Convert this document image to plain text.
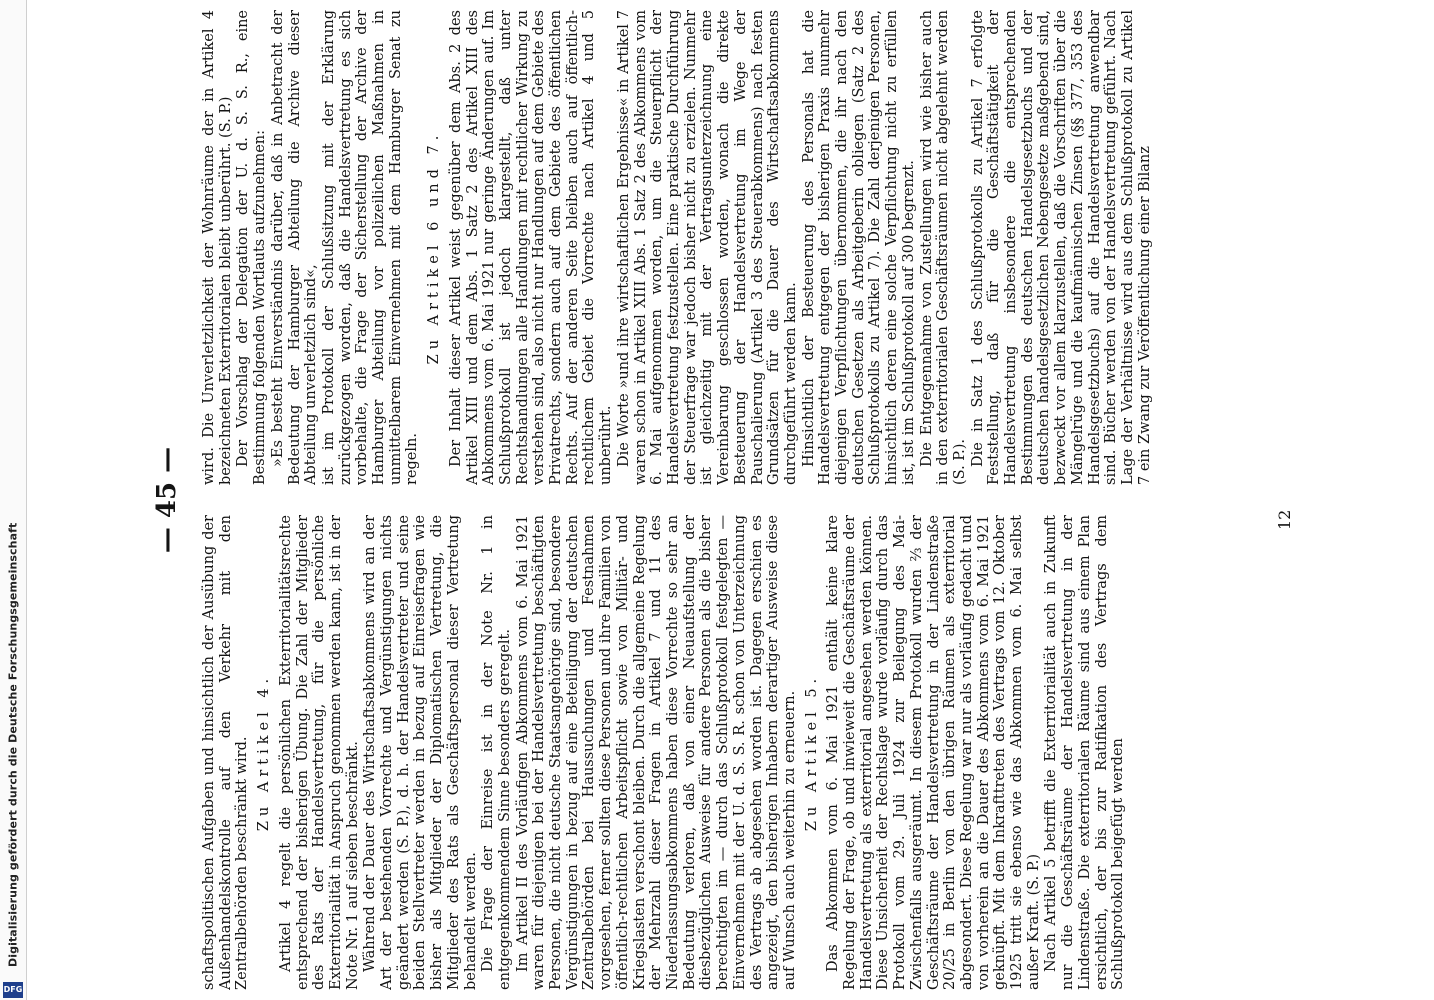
Digitalisierung gefördert durch die Deutsche Forschungsgemeinschaft
DFG
— 45 —

schaftspolitischen Aufgaben und hinsichtlich der Ausübung der Außenhandelskontrolle auf den Verkehr mit den Zentralbehörden beschränkt wird. Zu Artikel 4. Artikel 4 regelt die persönlichen Exterritorialitätsrechte entsprechend der bisherigen Übung. Die Zahl der Mitglieder des Rats der Handelsvertretung, für die persönliche Exterritorialität in Anspruch genommen werden kann, ist in der Note Nr. 1 auf sieben beschränkt. Während der Dauer des Wirtschaftsabkommens wird an der Art der bestehenden Vorrechte und Vergünstigungen nichts geändert werden (S. P.), d. h. der Handelsvertreter und seine beiden Stellvertreter werden in bezug auf Einreisefragen wie bisher als Mitglieder der Diplomatischen Vertretung, die Mitglieder des Rats als Geschäftspersonal dieser Vertretung behandelt werden. Die Frage der Einreise ist in der Note Nr. 1 in entgegenkommendem Sinne besonders geregelt. Im Artikel II des Vorläufigen Abkommens vom 6. Mai 1921 waren für diejenigen bei der Handelsvertretung beschäftigten Personen, die nicht deutsche Staatsangehörige sind, besondere Vergünstigungen in bezug auf eine Beteiligung der deutschen Zentralbehörden bei Haussuchungen und Festnahmen vorgesehen, ferner sollten diese Personen und ihre Familien von öffentlich-rechtlichen Arbeitspflicht sowie von Militär- und Kriegslasten verschont bleiben. Durch die allgemeine Regelung der Mehrzahl dieser Fragen in Artikel 7 und 11 des Niederlassungsabkommens haben diese Vorrechte so sehr an Bedeutung verloren, daß von einer Neuaufstellung der diesbezüglichen Ausweise für andere Personen als die bisher berechtigten im — durch das Schlußprotokoll festgelegten — Einvernehmen mit der U. d. S. S. R. schon von Unterzeichnung des Vertrags ab abgesehen worden ist. Dagegen erschien es angezeigt, den bisherigen Inhabern derartiger Ausweise diese auf Wunsch auch weiterhin zu erneuern. Zu Artikel 5. Das Abkommen vom 6. Mai 1921 enthält keine klare Regelung der Frage, ob und inwieweit die Geschäftsräume der Handelsvertretung als exterritorial angesehen werden können. Diese Unsicherheit der Rechtslage wurde vorläufig durch das Protokoll vom 29. Juli 1924 zur Beilegung des Mai-Zwischenfalls ausgeräumt. In diesem Protokoll wurden ⅔ der Geschäftsräume der Handelsvertretung in der Lindenstraße 20/25 in Berlin von den übrigen Räumen als exterritorial abgesondert. Diese Regelung war nur als vorläufig gedacht und von vorherein an die Dauer des Abkommens vom 6. Mai 1921 geknüpft. Mit dem Inkrafttreten des Vertrags vom 12. Oktober 1925 tritt sie ebenso wie das Abkommen vom 6. Mai selbst außer Kraft. (S. P.) Nach Artikel 5 betrifft die Exterritorialität auch in Zukunft nur die Geschäftsräume der Handelsvertretung in der Lindenstraße. Die exterritorialen Räume sind aus einem Plan ersichtlich, der bis zur Ratifikation des Vertrags dem Schlußprotokoll beigefügt werden

wird. Die Unverletzlichkeit der Wohnräume der in Artikel 4 bezeichneten Exterritorialen bleibt unberührt. (S. P.) Der Vorschlag der Delegation der U. d. S. S. R., eine Bestimmung folgenden Wortlauts aufzunehmen: »Es besteht Einverständnis darüber, daß in Anbetracht der Bedeutung der Hamburger Abteilung die Archive dieser Abteilung unverletzlich sind«, ist im Protokoll der Schlußsitzung mit der Erklärung zurückgezogen worden, daß die Handelsvertretung es sich vorbehalte, die Frage der Sicherstellung der Archive der Hamburger Abteilung vor polizeilichen Maßnahmen in unmittelbarem Einvernehmen mit dem Hamburger Senat zu regeln.

Zu Artikel 6 und 7. Der Inhalt dieser Artikel weist gegenüber dem Abs. 2 des Artikel XIII und dem Abs. 1 Satz 2 des Artikel XIII des Abkommens vom 6. Mai 1921 nur geringe Änderungen auf. Im Schlußprotokoll ist jedoch klargestellt, daß unter Rechtshandlungen alle Handlungen mit rechtlicher Wirkung zu verstehen sind, also nicht nur Handlungen auf dem Gebiete des Privatrechts, sondern auch auf dem Gebiete des öffentlichen Rechts. Auf der anderen Seite bleiben auch auf öffentlich-rechtlichem Gebiet die Vorrechte nach Artikel 4 und 5 unberührt. Die Worte »und ihre wirtschaftlichen Ergebnisse« in Artikel 7 waren schon in Artikel XIII Abs. 1 Satz 2 des Abkommens vom 6. Mai aufgenommen worden, um die Steuerpflicht der Handelsvertretung festzustellen. Eine praktische Durchführung der Steuerfrage war jedoch bisher nicht zu erzielen. Nunmehr ist gleichzeitig mit der Vertragsunterzeichnung eine Vereinbarung geschlossen worden, wonach die direkte Besteuerung der Handelsvertretung im Wege der Pauschalierung (Artikel 3 des Steuerabkommens) nach festen Grundsätzen für die Dauer des Wirtschaftsabkommens durchgeführt werden kann. Hinsichtlich der Besteuerung des Personals hat die Handelsvertretung entgegen der bisherigen Praxis nunmehr diejenigen Verpflichtungen übernommen, die ihr nach den deutschen Gesetzen als Arbeitgeberin obliegen (Satz 2 des Schlußprotokolls zu Artikel 7). Die Zahl derjenigen Personen, hinsichtlich deren eine solche Verpflichtung nicht zu erfüllen ist, ist im Schlußprotokoll auf 300 begrenzt. Die Entgegennahme von Zustellungen wird wie bisher auch in den exterritorialen Geschäftsräumen nicht abgelehnt werden (S. P.). Die in Satz 1 des Schlußprotokolls zu Artikel 7 erfolgte Feststellung, daß für die Geschäftstätigkeit der Handelsvertretung insbesondere die entsprechenden Bestimmungen des deutschen Handelsgesetzbuchs und der deutschen handelsgesetzlichen Nebengesetze maßgebend sind, bezweckt vor allem klarzustellen, daß die Vorschriften über die Mängelrüge und die kaufmännischen Zinsen (§§ 377, 353 des Handelsgesetzbuchs) auf die Handelsvertretung anwendbar sind. Bücher werden von der Handelsvertretung geführt. Nach Lage der Verhältnisse wird aus dem Schlußprotokoll zu Artikel 7 ein Zwang zur Veröffentlichung einer Bilanz

12
